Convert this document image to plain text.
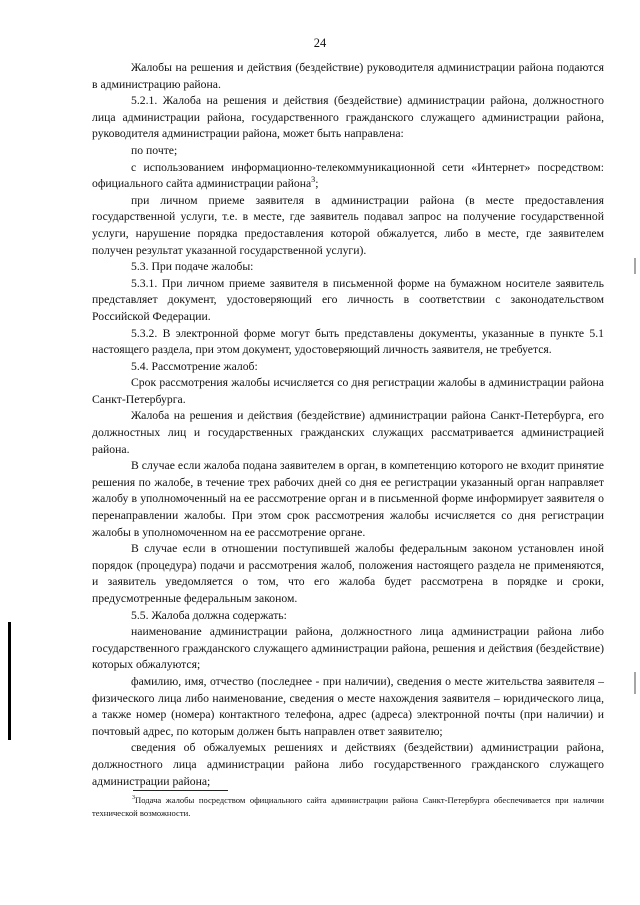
24

Жалобы на решения и действия (бездействие) руководителя администрации района подаются в администрацию района.

5.2.1. Жалоба на решения и действия (бездействие) администрации района, должностного лица администрации района, государственного гражданского служащего администрации района, руководителя администрации района, может быть направлена:

по почте;

с использованием информационно-телекоммуникационной сети «Интернет» посредством: официального сайта администрации района$^3$;

при личном приеме заявителя в администрации района (в месте предоставления государственной услуги, т.е. в месте, где заявитель подавал запрос на получение государственной услуги, нарушение порядка предоставления которой обжалуется, либо в месте, где заявителем получен результат указанной государственной услуги).

5.3. При подаче жалобы:

5.3.1. При личном приеме заявителя в письменной форме на бумажном носителе заявитель представляет документ, удостоверяющий его личность в соответствии с законодательством Российской Федерации.

5.3.2. В электронной форме могут быть представлены документы, указанные в пункте 5.1 настоящего раздела, при этом документ, удостоверяющий личность заявителя, не требуется.

5.4. Рассмотрение жалоб:

Срок рассмотрения жалобы исчисляется со дня регистрации жалобы в администрации района Санкт-Петербурга.

Жалоба на решения и действия (бездействие) администрации района Санкт-Петербурга, его должностных лиц и государственных гражданских служащих рассматривается администрацией района.

В случае если жалоба подана заявителем в орган, в компетенцию которого не входит принятие решения по жалобе, в течение трех рабочих дней со дня ее регистрации указанный орган направляет жалобу в уполномоченный на ее рассмотрение орган и в письменной форме информирует заявителя о перенаправлении жалобы. При этом срок рассмотрения жалобы исчисляется со дня регистрации жалобы в уполномоченном на ее рассмотрение органе.

В случае если в отношении поступившей жалобы федеральным законом установлен иной порядок (процедура) подачи и рассмотрения жалоб, положения настоящего раздела не применяются, и заявитель уведомляется о том, что его жалоба будет рассмотрена в порядке и сроки, предусмотренные федеральным законом.

5.5. Жалоба должна содержать:

наименование администрации района, должностного лица администрации района либо государственного гражданского служащего администрации района, решения и действия (бездействие) которых обжалуются;

фамилию, имя, отчество (последнее - при наличии), сведения о месте жительства заявителя – физического лица либо наименование, сведения о месте нахождения заявителя – юридического лица, а также номер (номера) контактного телефона, адрес (адреса) электронной почты (при наличии) и почтовый адрес, по которым должен быть направлен ответ заявителю;

сведения об обжалуемых решениях и действиях (бездействии) администрации района, должностного лица администрации района либо государственного гражданского служащего администрации района;

$^3$Подача жалобы посредством официального сайта администрации района Санкт-Петербурга обеспечивается при наличии технической возможности.
